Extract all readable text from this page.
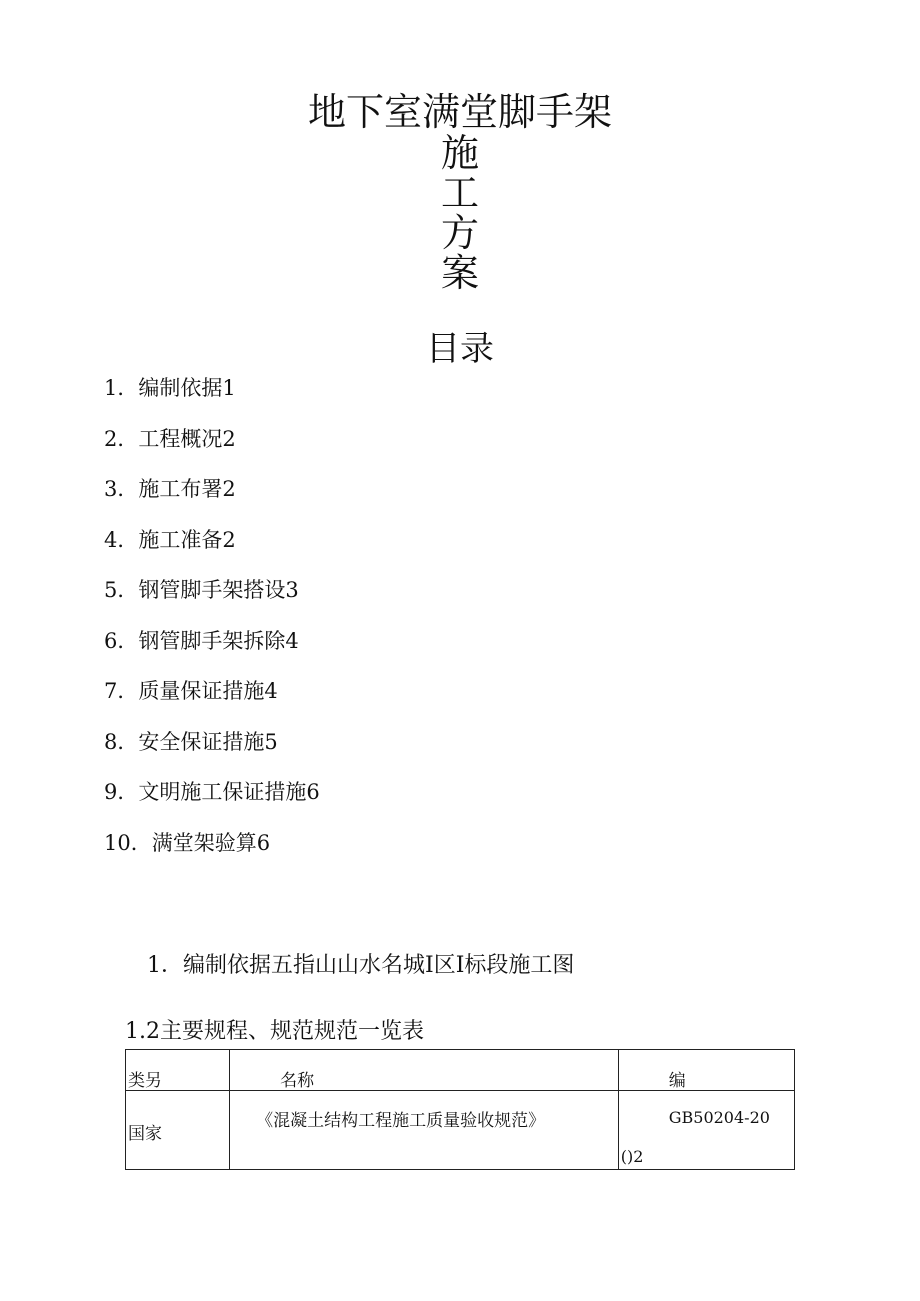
地下室满堂脚手架
施
工
方
案
目录
1．编制依据1
2．工程概况2
3．施工布署2
4．施工准备2
5．钢管脚手架搭设3
6．钢管脚手架拆除4
7．质量保证措施4
8．安全保证措施5
9．文明施工保证措施6
10．满堂架验算6
1．编制依据五指山山水名城I区I标段施工图
1.2主要规程、规范规范一览表
类另	名称	编

国家	《混凝土结构工程施工质量验收规范》	GB50204-20
()2
